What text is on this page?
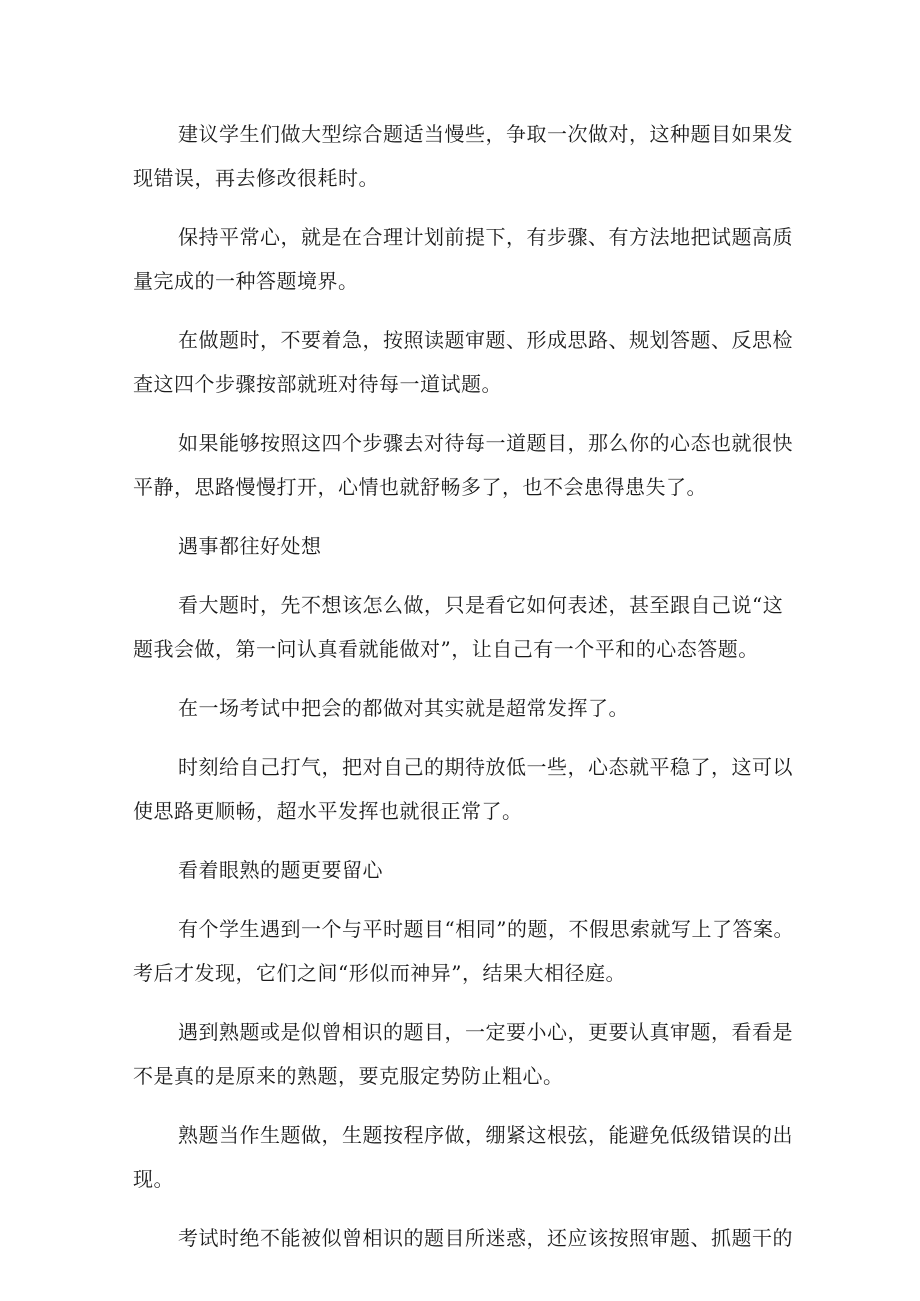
建议学生们做大型综合题适当慢些，争取一次做对，这种题目如果发现错误，再去修改很耗时。

保持平常心，就是在合理计划前提下，有步骤、有方法地把试题高质量完成的一种答题境界。

在做题时，不要着急，按照读题审题、形成思路、规划答题、反思检查这四个步骤按部就班对待每一道试题。

如果能够按照这四个步骤去对待每一道题目，那么你的心态也就很快平静，思路慢慢打开，心情也就舒畅多了，也不会患得患失了。

遇事都往好处想

看大题时，先不想该怎么做，只是看它如何表述，甚至跟自己说“这题我会做，第一问认真看就能做对”，让自己有一个平和的心态答题。

在一场考试中把会的都做对其实就是超常发挥了。

时刻给自己打气，把对自己的期待放低一些，心态就平稳了，这可以使思路更顺畅，超水平发挥也就很正常了。

看着眼熟的题更要留心

有个学生遇到一个与平时题目“相同”的题，不假思索就写上了答案。考后才发现，它们之间“形似而神异”，结果大相径庭。

遇到熟题或是似曾相识的题目，一定要小心，更要认真审题，看看是不是真的是原来的熟题，要克服定势防止粗心。

熟题当作生题做，生题按程序做，绷紧这根弦，能避免低级错误的出现。

考试时绝不能被似曾相识的题目所迷惑，还应该按照审题、抓题干的
